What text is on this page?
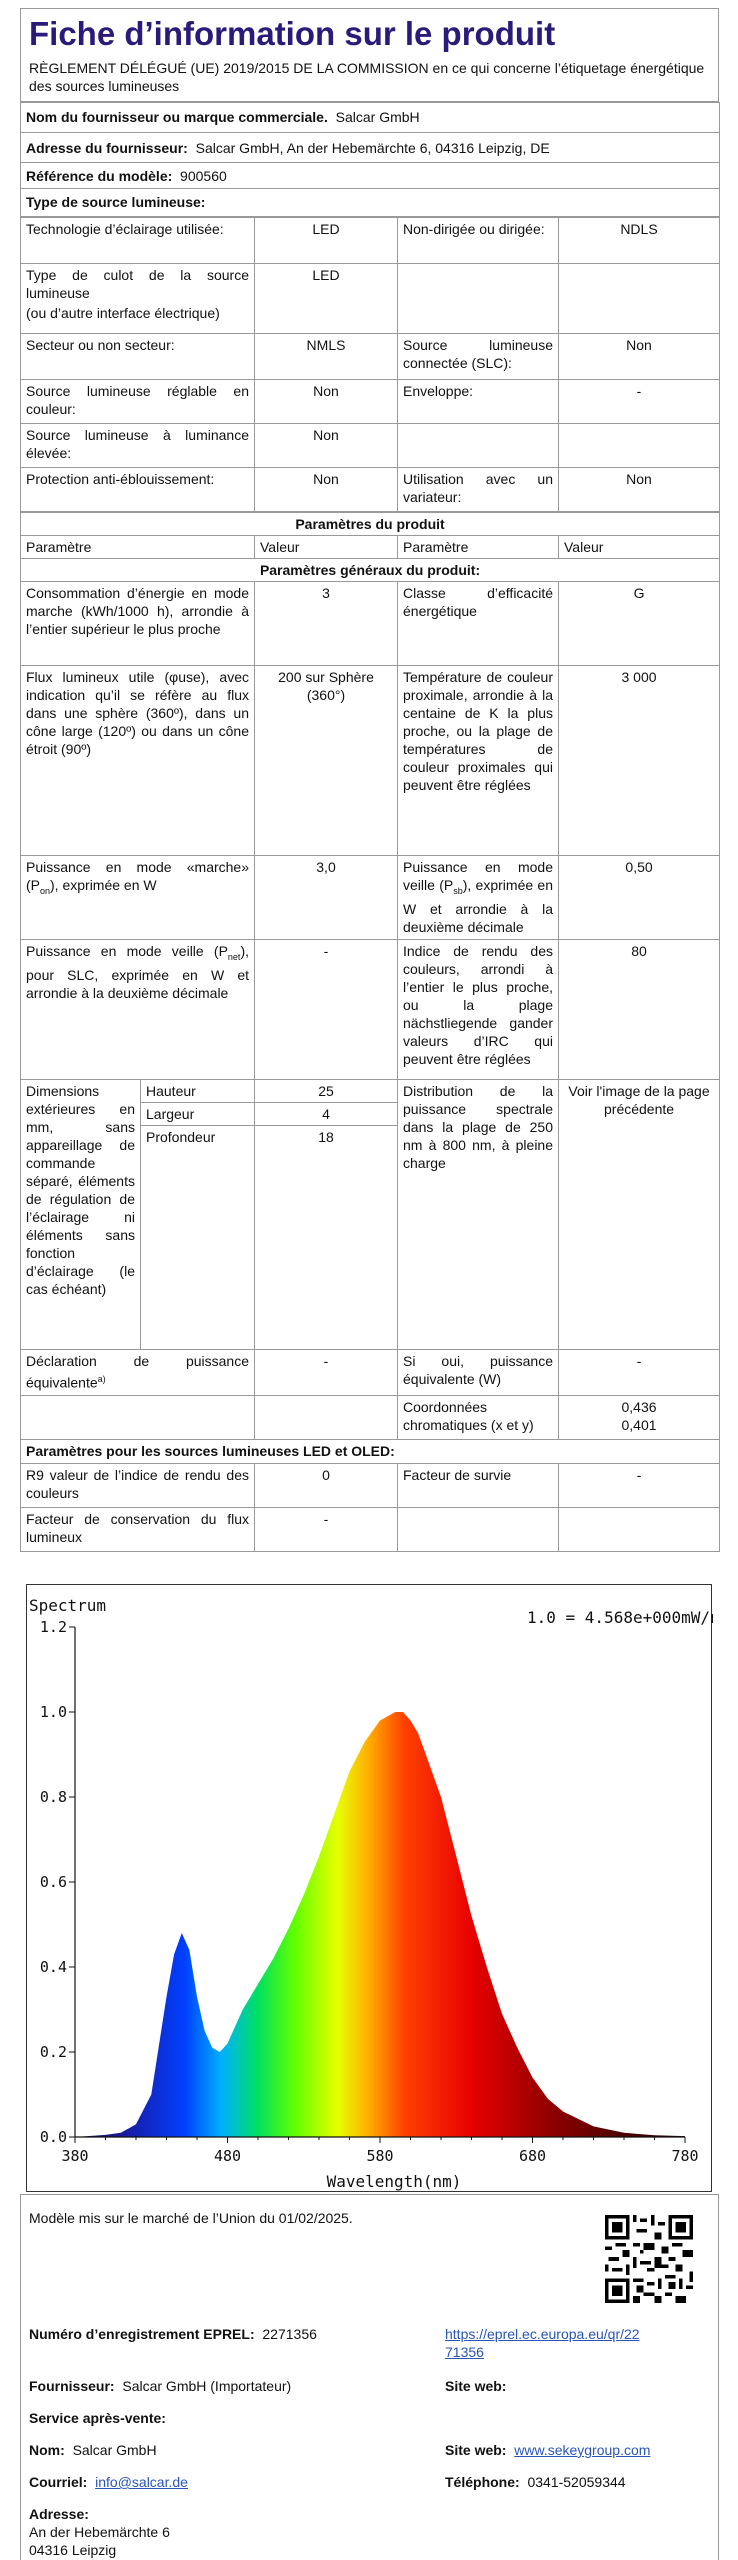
Fiche d’information sur le produit
RÈGLEMENT DÉLÉGUÉ (UE) 2019/2015 DE LA COMMISSION en ce qui concerne l’étiquetage énergétique des sources lumineuses
Nom du fournisseur ou marque commerciale. Salcar GmbH
Adresse du fournisseur: Salcar GmbH, An der Hebemärchte 6, 04316 Leipzig, DE
Référence du modèle: 900560
Type de source lumineuse:
Technologie d’éclairage utilisée:	LED	Non-dirigée ou dirigée:	NDLS

Type de culot de la source lumineuse
(ou d’autre interface électrique)	LED		
Secteur ou non secteur:	NMLS	Source lumineuse connectée (SLC):	Non
Source lumineuse réglable en couleur:	Non	Enveloppe:	-
Source lumineuse à luminance élevée:	Non		
Protection anti-éblouissement:	Non	Utilisation avec un variateur:	Non
Paramètres du produit				
Paramètre		Valeur	Paramètre	Valeur
Paramètres généraux du produit:				
Consommation d’énergie en mode marche (kWh/1000 h), arrondie à l’entier supérieur le plus proche		3	Classe d’efficacité énergétique	G
Flux lumineux utile (φuse), avec indication qu’il se réfère au flux dans une sphère (360º), dans un cône large (120º) ou dans un cône étroit (90º)		200 sur Sphère (360°)	Température de couleur proximale, arrondie à la centaine de K la plus proche, ou la plage de températures de couleur proximales qui peuvent être réglées	3 000
Puissance en mode «marche» $(P_{on})$, exprimée en W		3,0	Puissance en mode veille $(P_{sb})$, exprimée en W et arrondie à la deuxième décimale	0,50
Puissance en mode veille $(P_{net})$, pour SLC, exprimée en W et arrondie à la deuxième décimale		-	Indice de rendu des couleurs, arrondi à l’entier le plus proche, ou la plage nächstliegende gander valeurs d’IRC qui peuvent être réglées	80
Dimensions extérieures en mm, sans appareillage de commande séparé, éléments de régulation de l’éclairage ni éléments sans fonction d’éclairage (le cas échéant)	Hauteur	25	Distribution de la puissance spectrale dans la plage de 250 nm à 800 nm, à pleine charge	Voir l'image de la page précédente
	Largeur	4		
	Profondeur	18		
Déclaration de puissance équivalente$^{a)}$		-	Si oui, puissance équivalente (W)	-
			Coordonnées chromatiques (x et y)	0,436
0,401

Paramètres pour les sources lumineuses LED et OLED:				
R9 valeur de l’indice de rendu des couleurs		0	Facteur de survie	-
Facteur de conservation du flux lumineux		-		
Spectrum
1.0 = 4.568e+000mW/nm
0.0
0.2
0.4
0.6
0.8
1.0
1.2
380	480	580	680	780
Wavelength(nm)
Modèle mis sur le marché de l’Union du 01/02/2025.
Numéro d’enregistrement EPREL: 2271356	https://eprel.ec.europa.eu/qr/22
71356
Fournisseur: Salcar GmbH (Importateur)	Site web:
Service après-vente:
Nom: Salcar GmbH	Site web: www.sekeygroup.com
Courriel: info@salcar.de	Téléphone: 0341-52059344
Adresse:
An der Hebemärchte 6
04316 Leipzig
